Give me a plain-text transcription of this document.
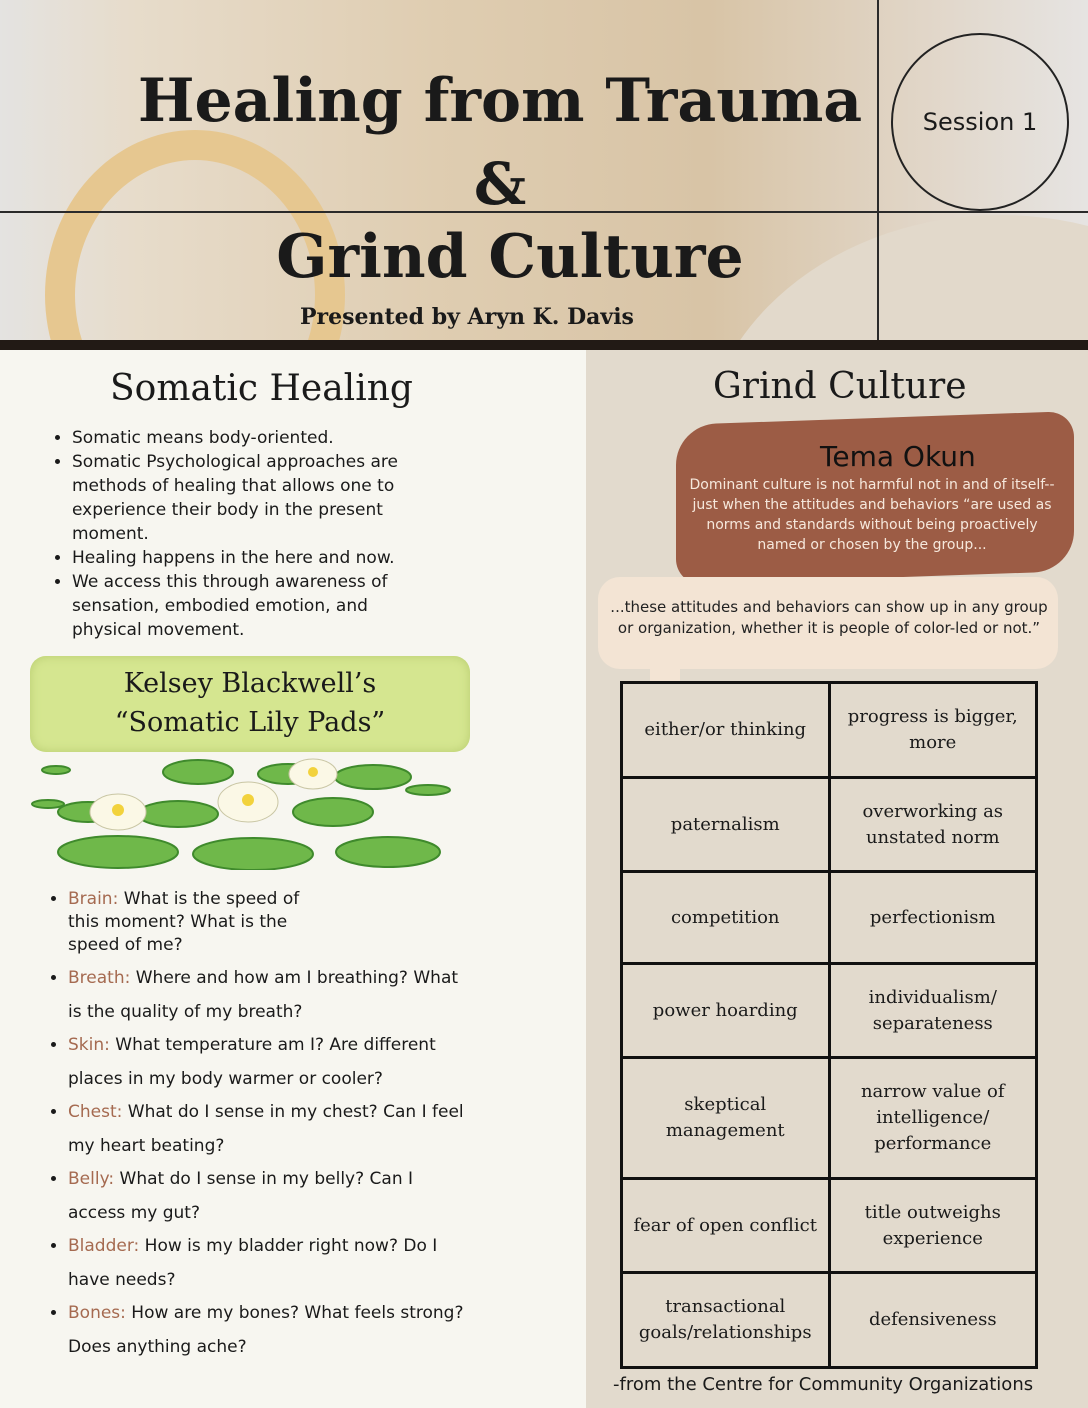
Session 1
Healing from Trauma
&
Grind Culture
Presented by Aryn K. Davis
Somatic Healing
• Somatic means body-oriented.
• Somatic Psychological approaches are methods of healing that allows one to experience their body in the present moment.
• Healing happens in the here and now.
• We access this through awareness of sensation, embodied emotion, and physical movement.
Kelsey Blackwell’s
“Somatic Lily Pads”
• Brain: What is the speed of this moment? What is the speed of me?
• Breath: Where and how am I breathing? What is the quality of my breath?
• Skin: What temperature am I? Are different places in my body warmer or cooler?
• Chest: What do I sense in my chest? Can I feel my heart beating?
• Belly: What do I sense in my belly? Can I access my gut?
• Bladder: How is my bladder right now? Do I have needs?
• Bones: How are my bones? What feels strong? Does anything ache?
Grind Culture
Tema Okun
Dominant culture is not harmful not in and of itself-- just when the attitudes and behaviors “are used as norms and standards without being proactively named or chosen by the group...
...these attitudes and behaviors can show up in any group or organization, whether it is people of color-led or not.”
either/or thinking	progress is bigger, more
paternalism	overworking as unstated norm
competition	perfectionism
power hoarding	individualism/ separateness
skeptical management	narrow value of intelligence/ performance
fear of open conflict	title outweighs experience
transactional goals/relationships	defensiveness
-from the Centre for Community Organizations
